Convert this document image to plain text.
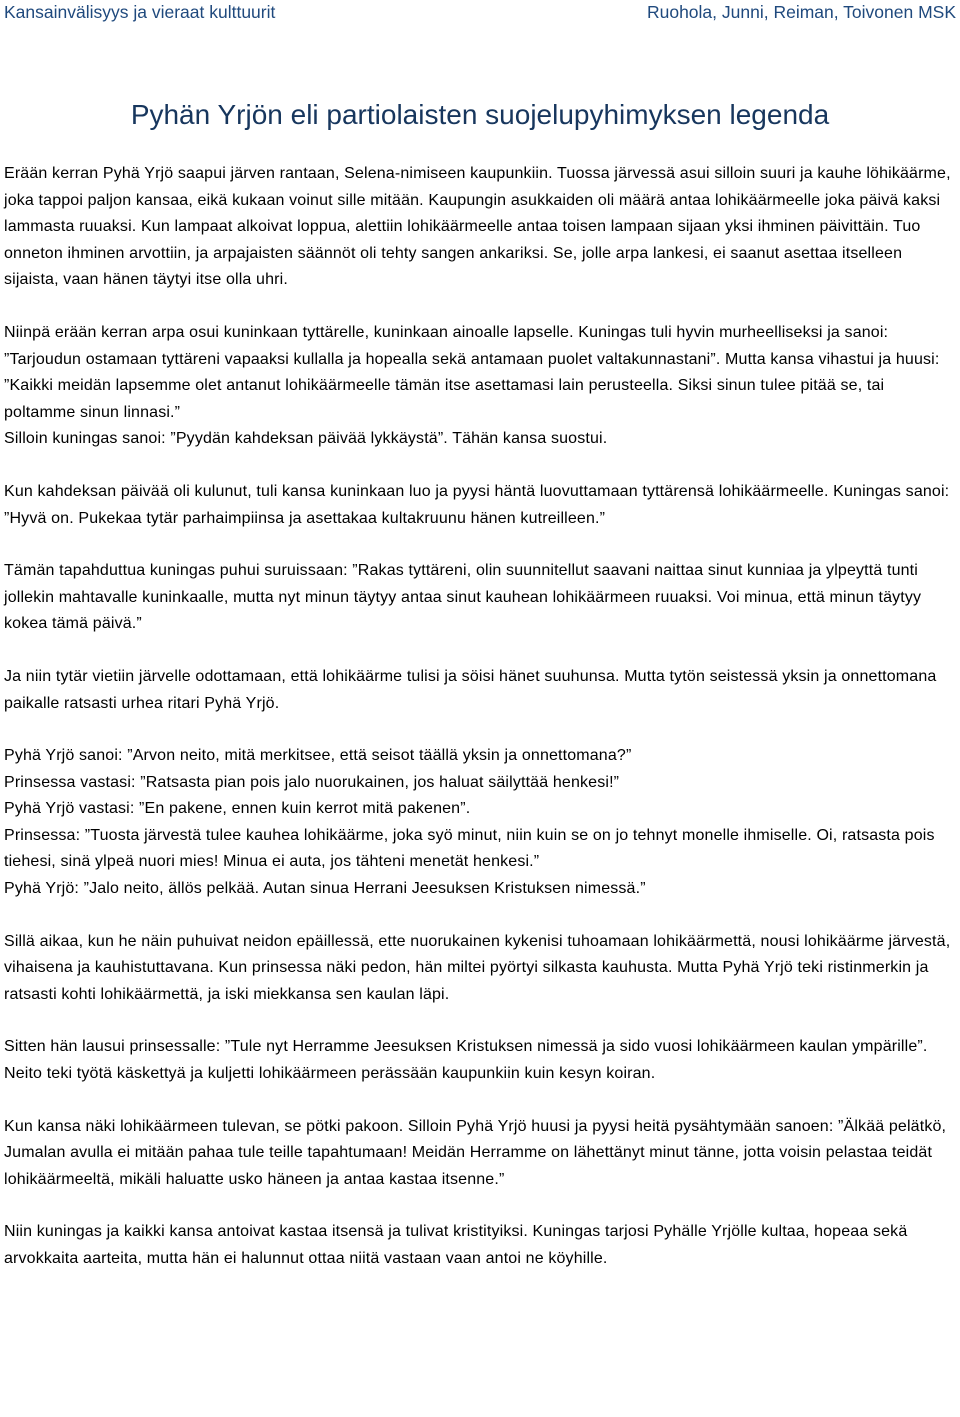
Kansainvälisyys ja vieraat kulttuurit	Ruohola, Junni, Reiman, Toivonen MSK
Pyhän Yrjön eli partiolaisten suojelupyhimyksen legenda

Erään kerran Pyhä Yrjö saapui järven rantaan, Selena-nimiseen kaupunkiin. Tuossa järvessä asui silloin suuri ja kauhe löhikäärme, joka tappoi paljon kansaa, eikä kukaan voinut sille mitään. Kaupungin asukkaiden oli määrä antaa lohikäärmeelle joka päivä kaksi lammasta ruuaksi. Kun lampaat alkoivat loppua, alettiin lohikäärmeelle antaa toisen lampaan sijaan yksi ihminen päivittäin. Tuo onneton ihminen arvottiin, ja arpajaisten säännöt oli tehty sangen ankariksi. Se, jolle arpa lankesi, ei saanut asettaa itselleen sijaista, vaan hänen täytyi itse olla uhri.

Niinpä erään kerran arpa osui kuninkaan tyttärelle, kuninkaan ainoalle lapselle. Kuningas tuli hyvin murheelliseksi ja sanoi: ”Tarjoudun ostamaan tyttäreni vapaaksi kullalla ja hopealla sekä antamaan puolet valtakunnastani”. Mutta kansa vihastui ja huusi: ”Kaikki meidän lapsemme olet antanut lohikäärmeelle tämän itse asettamasi lain perusteella. Siksi sinun tulee pitää se, tai poltamme sinun linnasi.”

Silloin kuningas sanoi: ”Pyydän kahdeksan päivää lykkäystä”. Tähän kansa suostui.

Kun kahdeksan päivää oli kulunut, tuli kansa kuninkaan luo ja pyysi häntä luovuttamaan tyttärensä lohikäärmeelle. Kuningas sanoi: ”Hyvä on. Pukekaa tytär parhaimpiinsa ja asettakaa kultakruunu hänen kutreilleen.”

Tämän tapahduttua kuningas puhui suruissaan: ”Rakas tyttäreni, olin suunnitellut saavani naittaa sinut kunniaa ja ylpeyttä tunti jollekin mahtavalle kuninkaalle, mutta nyt minun täytyy antaa sinut kauhean lohikäärmeen ruuaksi. Voi minua, että minun täytyy kokea tämä päivä.”

Ja niin tytär vietiin järvelle odottamaan, että lohikäärme tulisi ja söisi hänet suuhunsa. Mutta tytön seistessä yksin ja onnettomana paikalle ratsasti urhea ritari Pyhä Yrjö.

Pyhä Yrjö sanoi: ”Arvon neito, mitä merkitsee, että seisot täällä yksin ja onnettomana?”

Prinsessa vastasi: ”Ratsasta pian pois jalo nuorukainen, jos haluat säilyttää henkesi!”

Pyhä Yrjö vastasi: ”En pakene, ennen kuin kerrot mitä pakenen”.

Prinsessa: ”Tuosta järvestä tulee kauhea lohikäärme, joka syö minut, niin kuin se on jo tehnyt monelle ihmiselle. Oi, ratsasta pois tiehesi, sinä ylpeä nuori mies! Minua ei auta, jos tähteni menetät henkesi.”

Pyhä Yrjö: ”Jalo neito, ällös pelkää. Autan sinua Herrani Jeesuksen Kristuksen nimessä.”

Sillä aikaa, kun he näin puhuivat neidon epäillessä, ette nuorukainen kykenisi tuhoamaan lohikäärmettä, nousi lohikäärme järvestä, vihaisena ja kauhistuttavana. Kun prinsessa näki pedon, hän miltei pyörtyi silkasta kauhusta. Mutta Pyhä Yrjö teki ristinmerkin ja ratsasti kohti lohikäärmettä, ja iski miekkansa sen kaulan läpi.

Sitten hän lausui prinsessalle: ”Tule nyt Herramme Jeesuksen Kristuksen nimessä ja sido vuosi lohikäärmeen kaulan ympärille”. Neito teki työtä käskettyä ja kuljetti lohikäärmeen perässään kaupunkiin kuin kesyn koiran.

Kun kansa näki lohikäärmeen tulevan, se pötki pakoon. Silloin Pyhä Yrjö huusi ja pyysi heitä pysähtymään sanoen: ”Älkää pelätkö, Jumalan avulla ei mitään pahaa tule teille tapahtumaan! Meidän Herramme on lähettänyt minut tänne, jotta voisin pelastaa teidät lohikäärmeeltä, mikäli haluatte usko häneen ja antaa kastaa itsenne.”

Niin kuningas ja kaikki kansa antoivat kastaa itsensä ja tulivat kristityiksi. Kuningas tarjosi Pyhälle Yrjölle kultaa, hopeaa sekä arvokkaita aarteita, mutta hän ei halunnut ottaa niitä vastaan vaan antoi ne köyhille.
